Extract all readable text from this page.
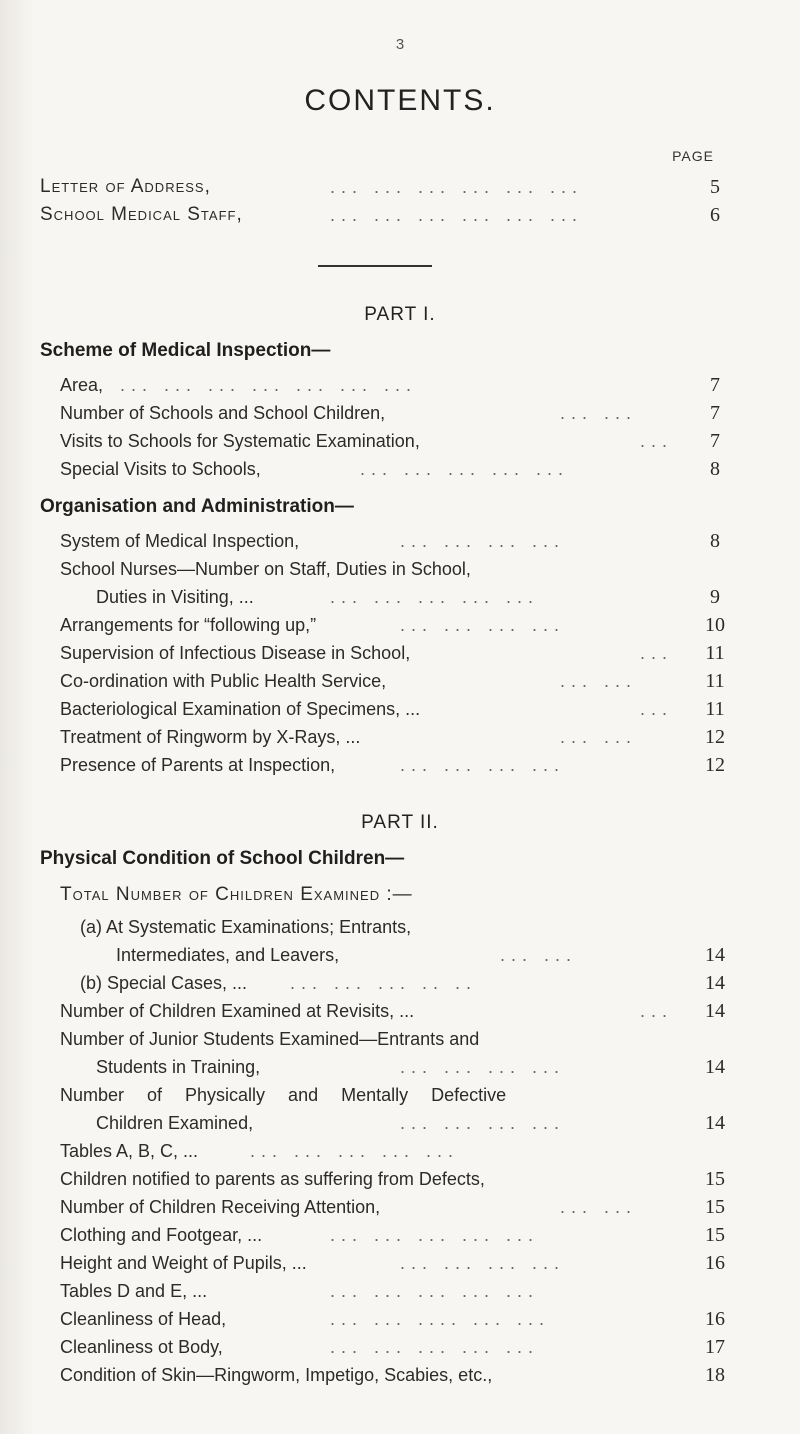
3
CONTENTS.
PAGE
Letter of Address,	... ... ... ... ... ...	5
School Medical Staff,	... ... ... ... ... ...	6
PART I.
Scheme of Medical Inspection—
Area, ... ... ... ... ... ... ...	7
Number of Schools and School Children,	... ...	7
Visits to Schools for Systematic Examination,	...	7
Special Visits to Schools,	... ... ... ... ...	8
Organisation and Administration—
System of Medical Inspection,	... ... ... ...	8
School Nurses—Number on Staff, Duties in School,
Duties in Visiting, ...	... ... ... ... ...	9
Arrangements for “following up,”	... ... ... ...	10
Supervision of Infectious Disease in School,	...	11
Co-ordination with Public Health Service,	... ...	11
Bacteriological Examination of Specimens, ...	...	11
Treatment of Ringworm by X-Rays, ...	... ...	12
Presence of Parents at Inspection,	... ... ... ...	12
PART II.
Physical Condition of School Children—
Total Number of Children Examined :—
(a) At Systematic Examinations; Entrants,
Intermediates, and Leavers,	... ...	14
(b) Special Cases, ... ... ... ... .. ..	14
Number of Children Examined at Revisits, ...	...	14
Number of Junior Students Examined—Entrants and
Students in Training,	... ... ... ...	14
Number of Physically and Mentally Defective
Children Examined,	... ... ... ...	14
Tables A, B, C, ...	... ... ... ... ...
Children notified to parents as suffering from Defects,	15
Number of Children Receiving Attention,	... ...	15
Clothing and Footgear, ...	... ... ... ... ...	15
Height and Weight of Pupils, ...	... ... ... ...	16
Tables D and E, ...	... ... ... ... ...
Cleanliness of Head,	... ... .... ... ...	16
Cleanliness ot Body,	... ... ... ... ...	17
Condition of Skin—Ringworm, Impetigo, Scabies, etc.,	18
